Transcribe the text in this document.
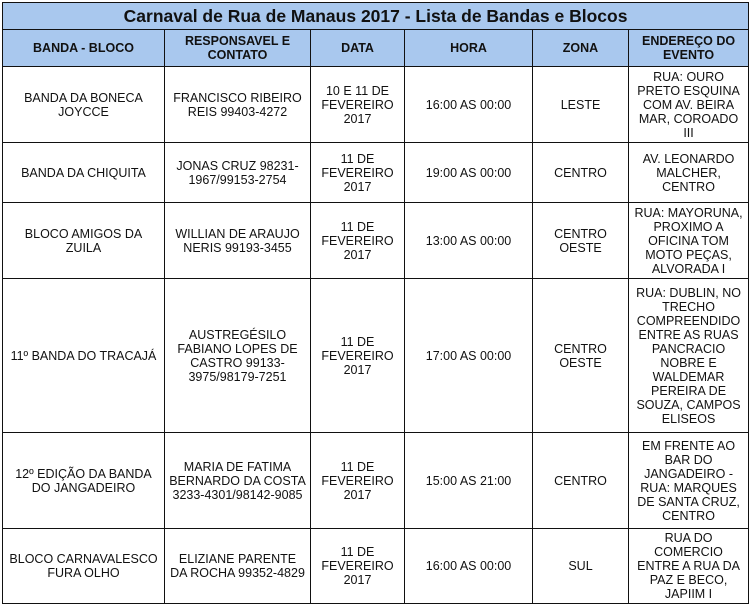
Carnaval de Rua de Manaus 2017 - Lista de Bandas e Blocos					
BANDA - BLOCO	RESPONSAVEL E CONTATO	DATA	HORA	ZONA	ENDEREÇO DO EVENTO
BANDA DA BONECA JOYCCE	FRANCISCO RIBEIRO REIS 99403-4272	10 E 11 DE FEVEREIRO 2017	16:00 AS 00:00	LESTE	RUA: OURO PRETO ESQUINA COM AV. BEIRA MAR, COROADO III
BANDA DA CHIQUITA	JONAS CRUZ 98231-1967/99153-2754	11 DE FEVEREIRO 2017	19:00 AS 00:00	CENTRO	AV. LEONARDO MALCHER, CENTRO
BLOCO AMIGOS DA ZUILA	WILLIAN DE ARAUJO NERIS 99193-3455	11 DE FEVEREIRO 2017	13:00 AS 00:00	CENTRO OESTE	RUA: MAYORUNA, PROXIMO A OFICINA TOM MOTO PEÇAS, ALVORADA I
11º BANDA DO TRACAJÁ	AUSTREGÉSILO FABIANO LOPES DE CASTRO 99133-3975/98179-7251	11 DE FEVEREIRO 2017	17:00 AS 00:00	CENTRO OESTE	RUA: DUBLIN, NO TRECHO COMPREENDIDO ENTRE AS RUAS PANCRACIO NOBRE E WALDEMAR PEREIRA DE SOUZA, CAMPOS ELISEOS
12º EDIÇÃO DA BANDA DO JANGADEIRO	MARIA DE FATIMA BERNARDO DA COSTA 3233-4301/98142-9085	11 DE FEVEREIRO 2017	15:00 AS 21:00	CENTRO	EM FRENTE AO BAR DO JANGADEIRO - RUA: MARQUES DE SANTA CRUZ, CENTRO
BLOCO CARNAVALESCO FURA OLHO	ELIZIANE PARENTE DA ROCHA 99352-4829	11 DE FEVEREIRO 2017	16:00 AS 00:00	SUL	RUA DO COMERCIO ENTRE A RUA DA PAZ E BECO, JAPIIM I
